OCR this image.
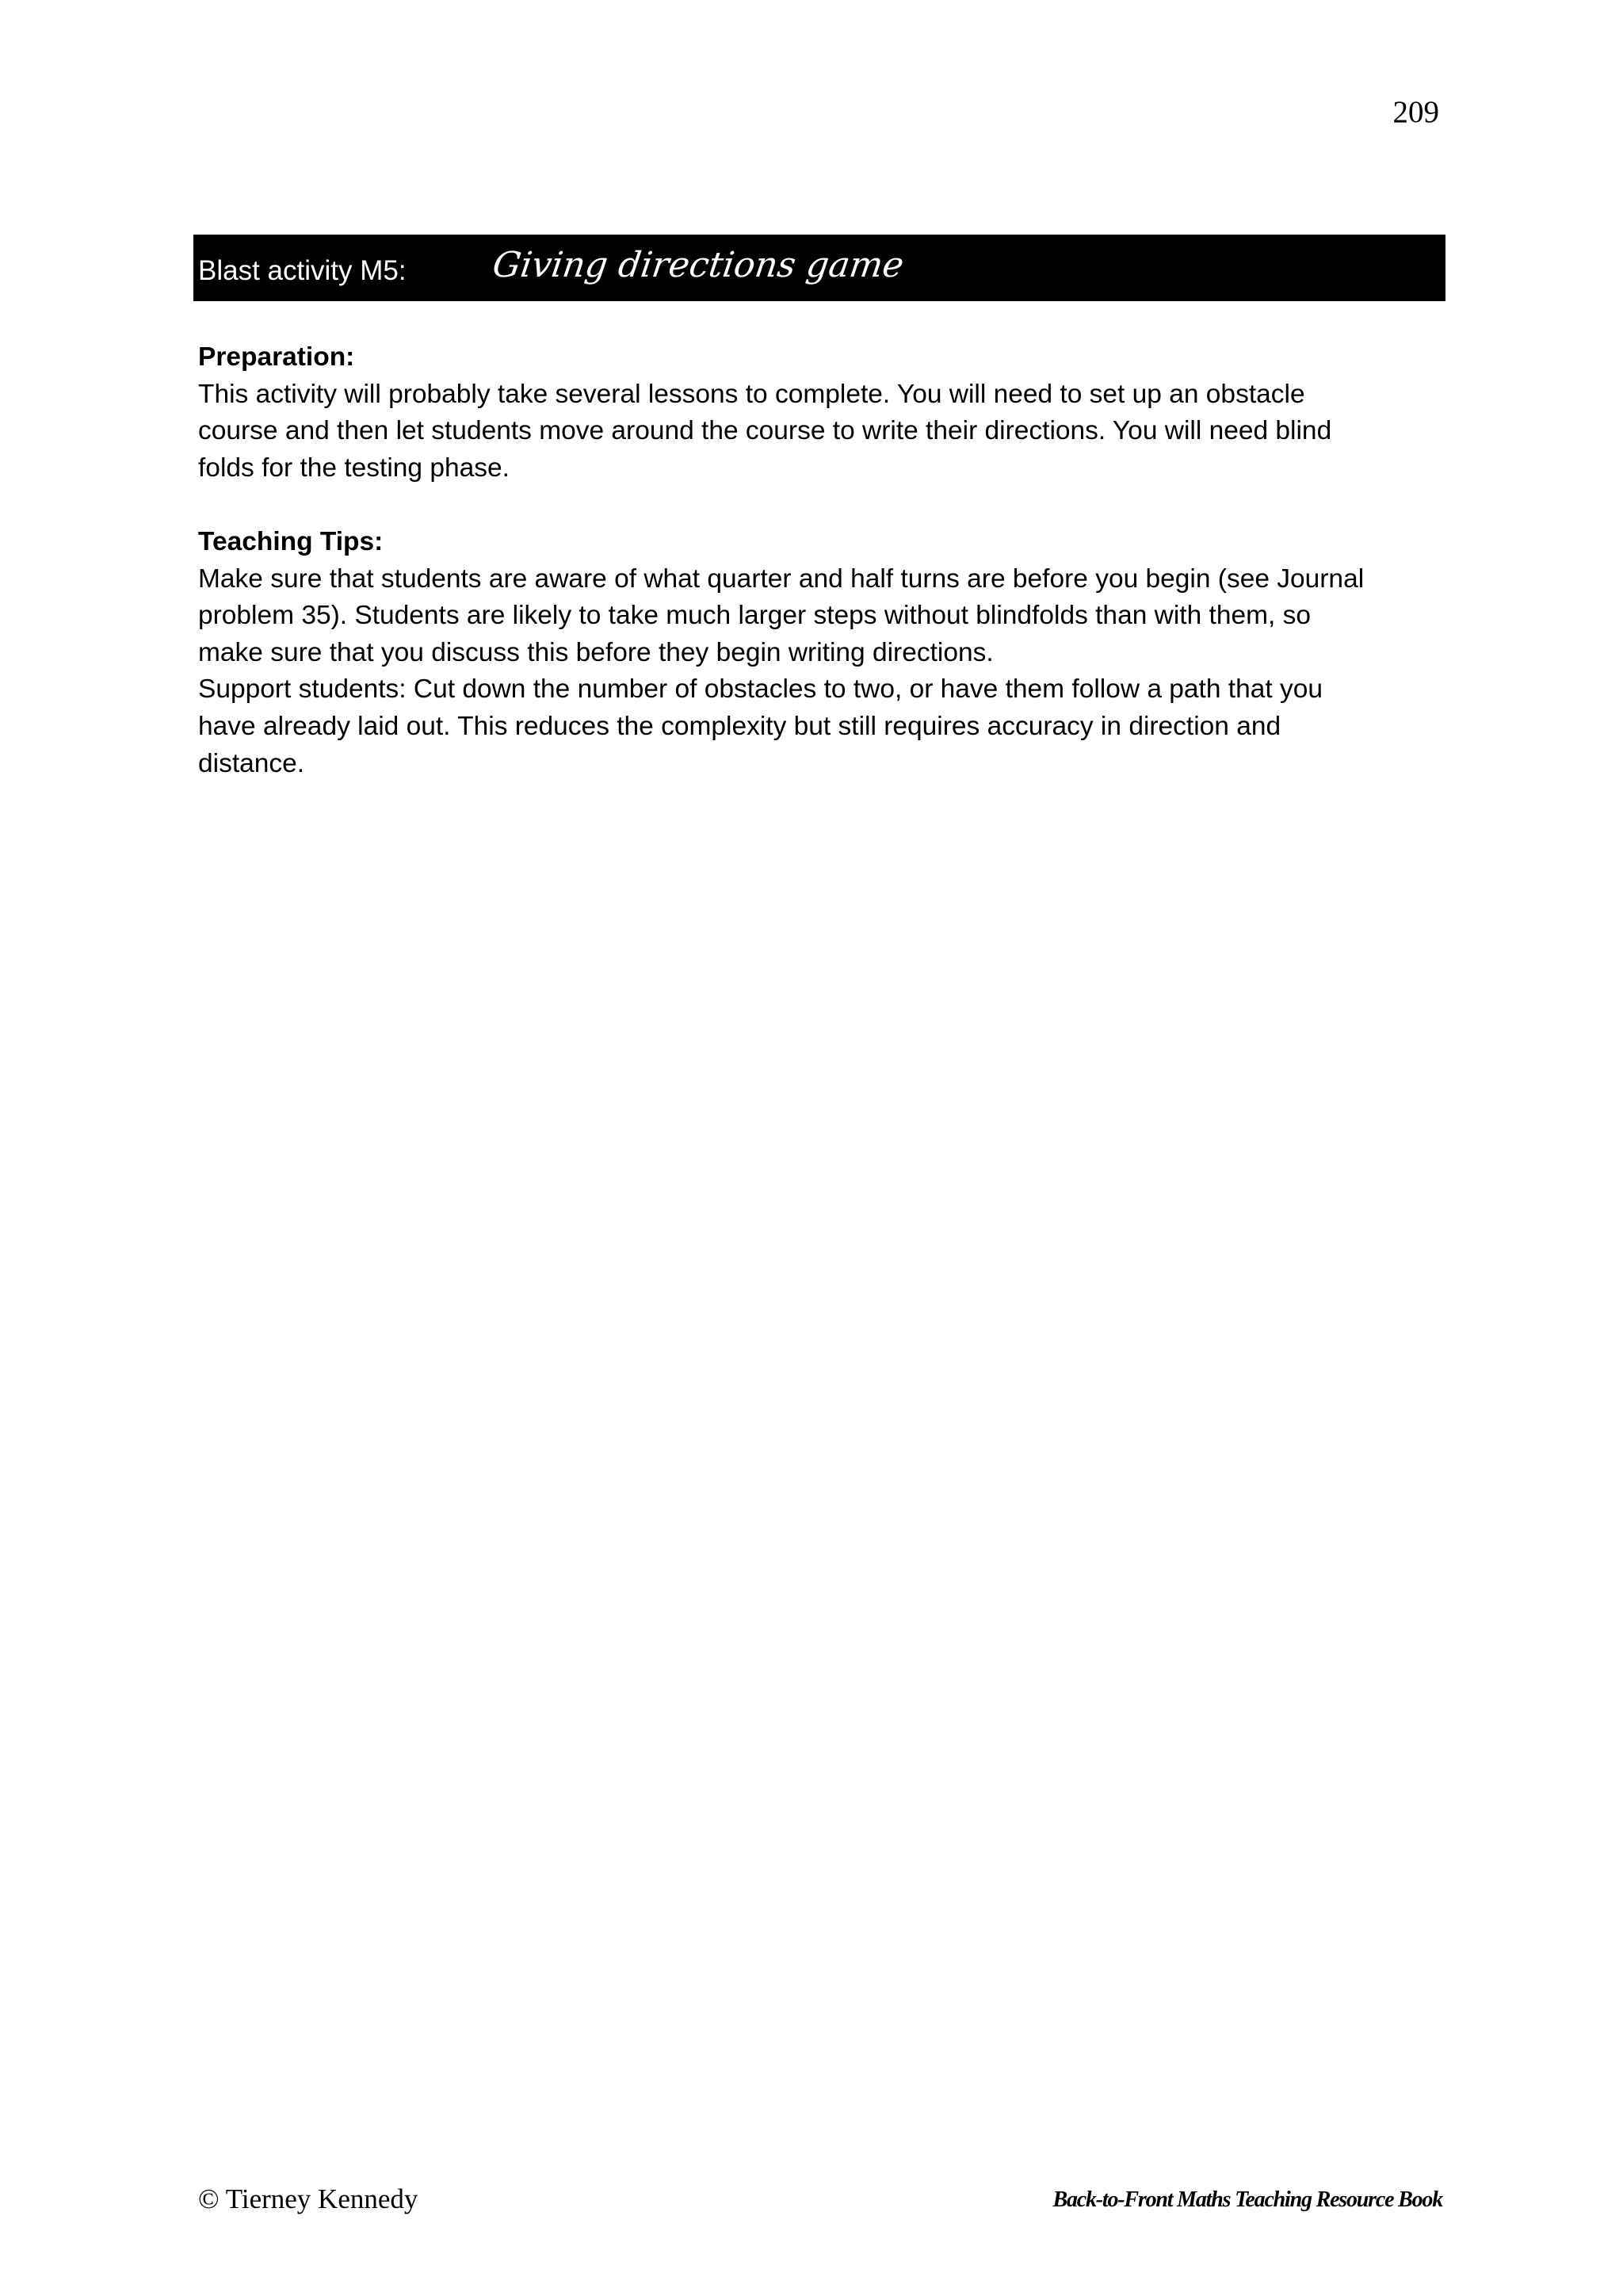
209
Blast activity M5: Giving directions game

Preparation:

This activity will probably take several lessons to complete. You will need to set up an obstacle

course and then let students move around the course to write their directions. You will need blind

folds for the testing phase.

Teaching Tips:

Make sure that students are aware of what quarter and half turns are before you begin (see Journal

problem 35). Students are likely to take much larger steps without blindfolds than with them, so

make sure that you discuss this before they begin writing directions.

Support students: Cut down the number of obstacles to two, or have them follow a path that you

have already laid out. This reduces the complexity but still requires accuracy in direction and

distance.

© Tierney Kennedy	Back-to-Front Maths Teaching Resource Book
